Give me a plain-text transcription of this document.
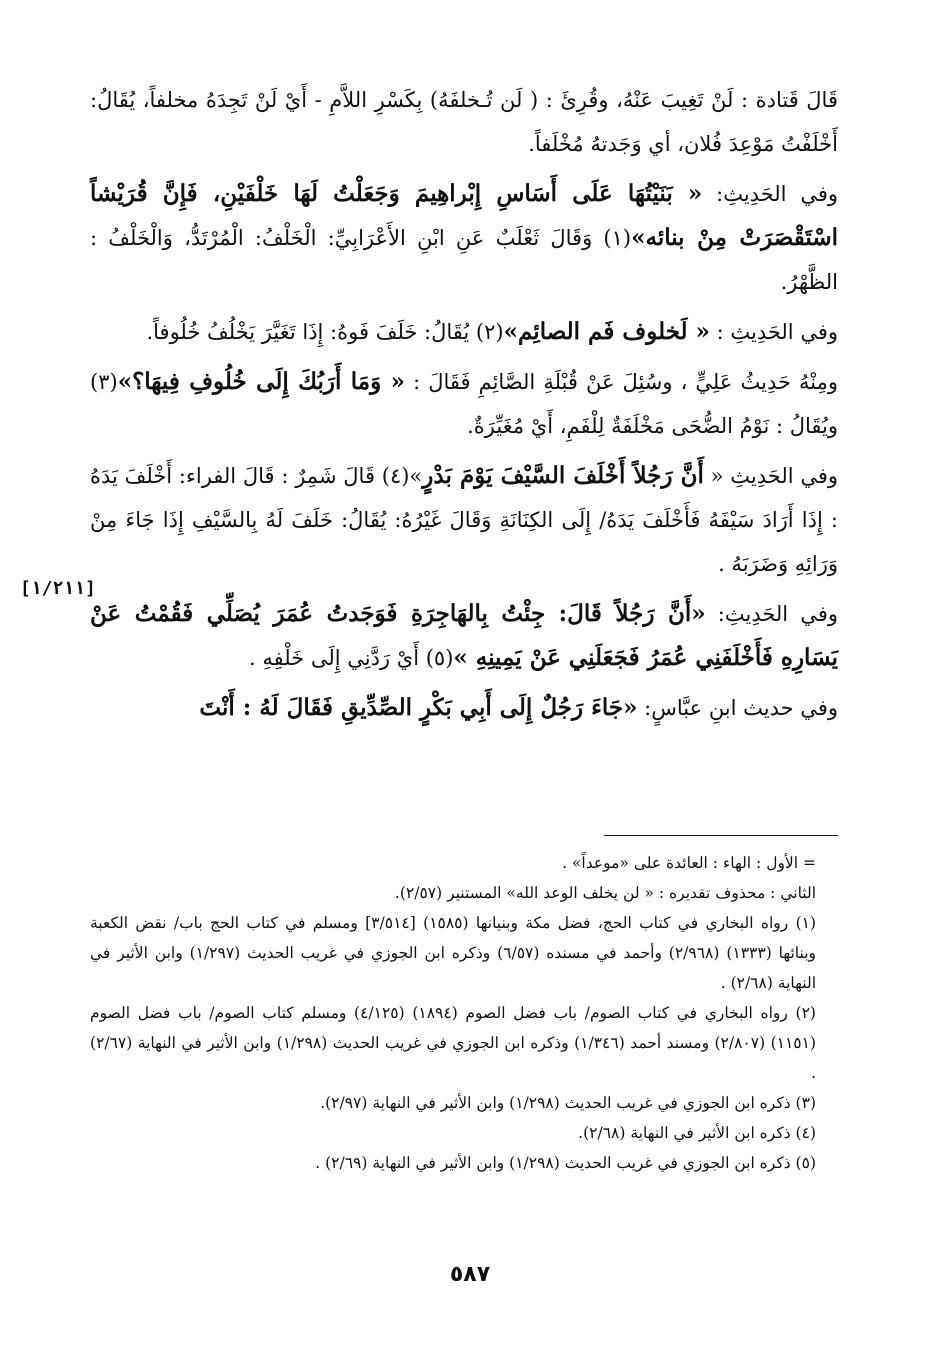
قَالَ قَتادة : لَنْ تَغِيبَ عَنْهُ، وقُرِئَ : ( لَن تُـخلفَهُ) بِكَسْرِ اللاَّمِ - أَيْ لَنْ تَجِدَهُ مخلفاً، يُقَالُ: أَخْلَفْتُ مَوْعِدَ فُلان، أي وَجَدتهُ مُخْلَفاً.

وفي الحَدِيثِ: « بَنَيْتُهَا عَلَى أَسَاسِ إِبْراهِيمَ وَجَعَلْتُ لَهَا خَلْفَيْنِ، فَإِنَّ قُرَيْشاً اسْتَقْصَرَتْ مِنْ بنائه»(١) وَقَالَ ثَعْلَبٌ عَنِ ابْنِ الأَعْرَابِيِّ: الْخَلْفُ: الْمُرْتَدُّ، وَالْخَلْفُ : الظَّهْرُ.

وفي الحَدِيثِ : « لَخلوف فَم الصائِم»(٢) يُقَالُ: خَلَفَ فَوهُ: إِذَا تَغَيَّرَ يَخْلُفُ خُلُوفاً.

ومِنْهُ حَدِيثُ عَلِيٍّ ، وسُئِلَ عَنْ قُبْلَةِ الصَّائِمِ فَقَالَ : « وَمَا أَرَبُكَ إِلَى خُلُوفِ فِيهَا؟»(٣) ويُقَالُ : نَوْمُ الضُّحَى مَخْلَفَةٌ لِلْفَمِ، أَيْ مُغَيِّرَةٌ.

وفي الحَدِيثِ « أَنَّ رَجُلاً أَخْلَفَ السَّيْفَ يَوْمَ بَدْرٍ»(٤) قَالَ شَمِرٌ : قَالَ الفراء: أَخْلَفَ يَدَهُ : إِذَا أَرَادَ سَيْفَهُ فَأَخْلَفَ يَدَهُ/ إِلَى الكِنَانَةِ وَقَالَ غَيْرُهُ: يُقَالُ: خَلَفَ لَهُ بِالسَّيْفِ إِذَا جَاءَ مِنْ وَرَائِهِ وَضَرَبَهُ .

وفي الحَدِيثِ: «أَنَّ رَجُلاً قَالَ: جِئْتُ بِالهَاجِرَةِ فَوَجَدتُ عُمَرَ يُصَلِّي فَقُمْتُ عَنْ يَسَارِهِ فَأَخْلَفَنِي عُمَرُ فَجَعَلَنِي عَنْ يَمِينِهِ »(٥) أَيْ رَدَّنِي إِلَى خَلْفِهِ .

وفي حديث ابنِ عبَّاسٍ: «جَاءَ رَجُلٌ إِلَى أَبِي بَكْرٍ الصِّدِّيقِ فَقَالَ لَهُ : أَنْتَ

[١/٢١١]

= الأول : الهاء : العائدة على «موعداً» .

الثاني : محذوف تقديره : « لن يخلف الوعد الله» المستنير (٢/٥٧).

(١) رواه البخاري في كتاب الحج، فضل مكة وبنيانها (١٥٨٥) [٣/٥١٤] ومسلم في كتاب الحج باب/ نقض الكعبة وبنائها (١٣٣٣) (٢/٩٦٨) وأحمد في مسنده (٦/٥٧) وذكره ابن الجوزي في غريب الحديث (١/٢٩٧) وابن الأثير في النهاية (٢/٦٨) .

(٢) رواه البخاري في كتاب الصوم/ باب فضل الصوم (١٨٩٤) (٤/١٢٥) ومسلم كتاب الصوم/ باب فضل الصوم (١١٥١) (٢/٨٠٧) ومسند أحمد (١/٣٤٦) وذكره ابن الجوزي في غريب الحديث (١/٢٩٨) وابن الأثير في النهاية (٢/٦٧) .

(٣) ذكره ابن الجوزي في غريب الحديث (١/٢٩٨) وابن الأثير في النهاية (٢/٩٧).

(٤) ذكره ابن الأثير في النهاية (٢/٦٨).

(٥) ذكره ابن الجوزي في غريب الحديث (١/٢٩٨) وابن الأثير في النهاية (٢/٦٩) .

٥٨٧
